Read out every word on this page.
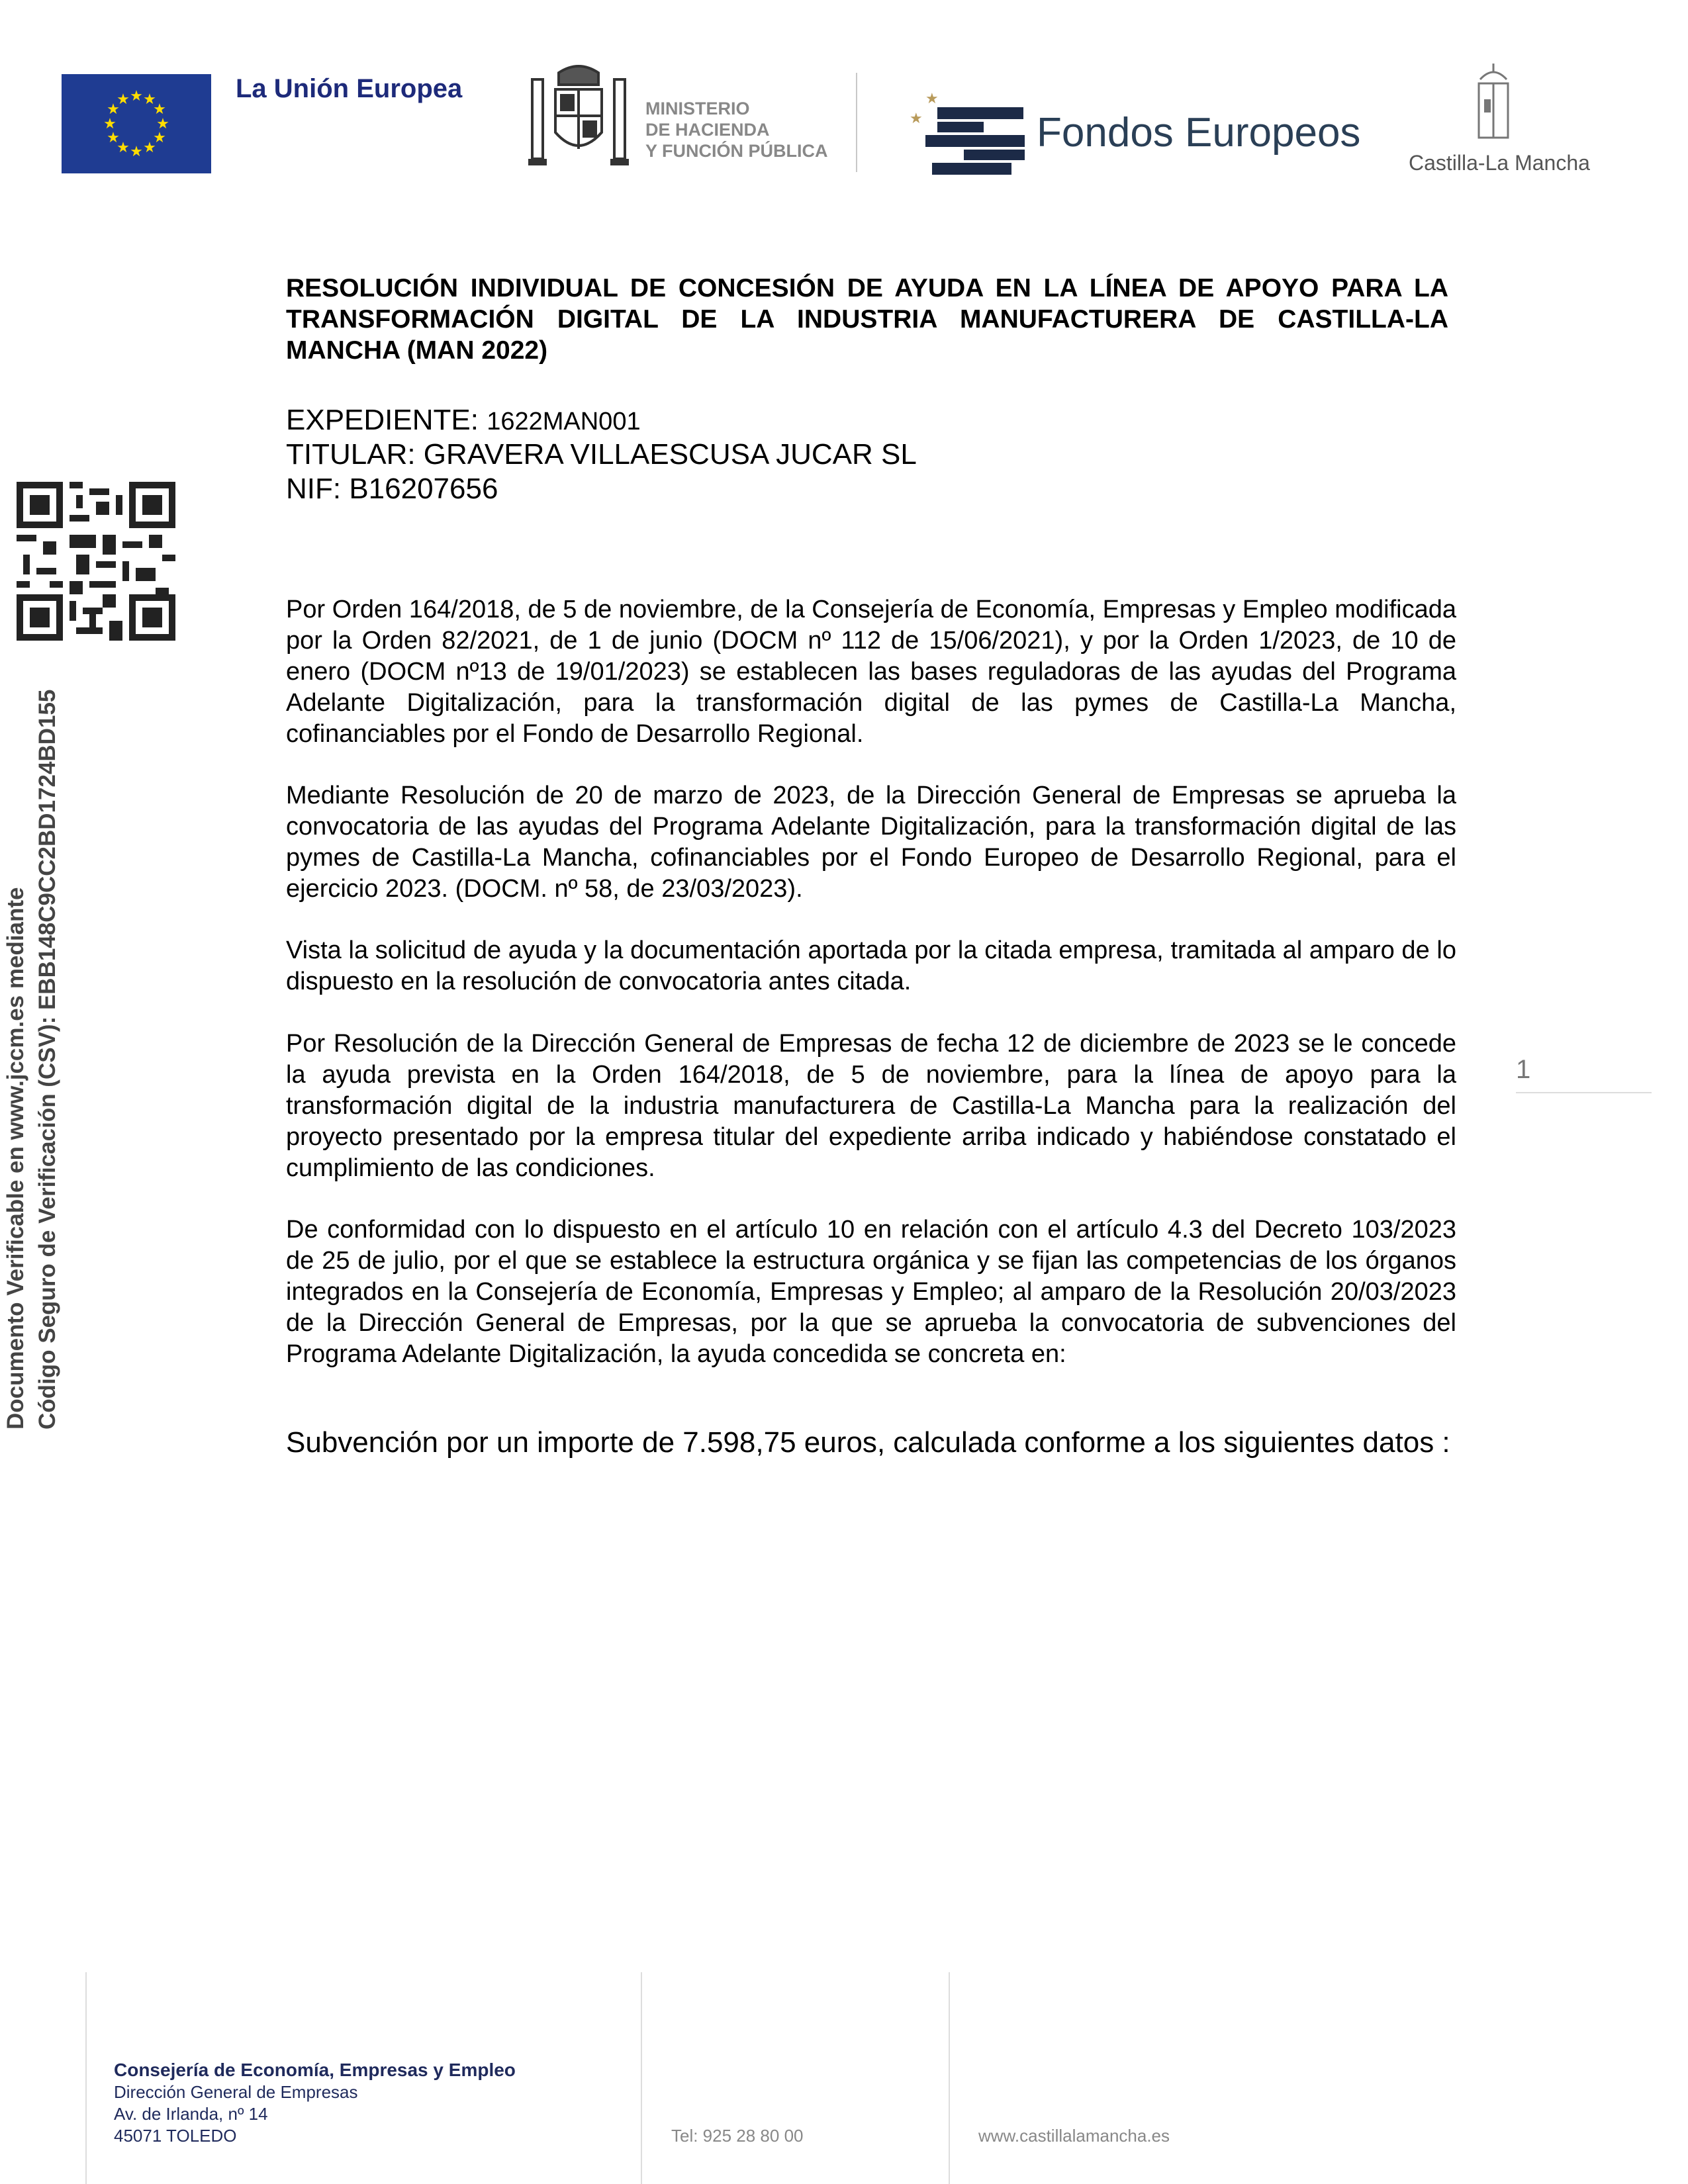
★ ★
★
★
★
★
★
★
★
★
★
★	La Unión Europea
MINISTERIO
DE HACIENDA
Y FUNCIÓN PÚBLICA
★
★
Fondos Europeos
Castilla-La Mancha
Documento Verificable en www.jccm.es mediante Código Seguro de Verificación (CSV): EBB148C9CC2BD1724BD155
RESOLUCIÓN INDIVIDUAL DE CONCESIÓN DE AYUDA EN LA LÍNEA DE APOYO PARA LA TRANSFORMACIÓN DIGITAL DE LA INDUSTRIA MANUFACTURERA DE CASTILLA-LA MANCHA (MAN 2022)
EXPEDIENTE: 1622MAN001
TITULAR: GRAVERA VILLAESCUSA JUCAR SL
NIF: B16207656
Por Orden 164/2018, de 5 de noviembre, de la Consejería de Economía, Empresas y Empleo modificada por la Orden 82/2021, de 1 de junio (DOCM nº 112 de 15/06/2021), y por la Orden 1/2023, de 10 de enero (DOCM nº13 de 19/01/2023) se establecen las bases reguladoras de las ayudas del Programa Adelante Digitalización, para la transformación digital de las pymes de Castilla-La Mancha, cofinanciables por el Fondo de Desarrollo Regional.
Mediante Resolución de 20 de marzo de 2023, de la Dirección General de Empresas se aprueba la convocatoria de las ayudas del Programa Adelante Digitalización, para la transformación digital de las pymes de Castilla-La Mancha, cofinanciables por el Fondo Europeo de Desarrollo Regional, para el ejercicio 2023. (DOCM. nº 58, de 23/03/2023).
Vista la solicitud de ayuda y la documentación aportada por la citada empresa, tramitada al amparo de lo dispuesto en la resolución de convocatoria antes citada.
Por Resolución de la Dirección General de Empresas de fecha 12 de diciembre de 2023 se le concede la ayuda prevista en la Orden 164/2018, de 5 de noviembre, para la línea de apoyo para la transformación digital de la industria manufacturera de Castilla-La Mancha para la realización del proyecto presentado por la empresa titular del expediente arriba indicado y habiéndose constatado el cumplimiento de las condiciones.
De conformidad con lo dispuesto en el artículo 10 en relación con el artículo 4.3 del Decreto 103/2023 de 25 de julio, por el que se establece la estructura orgánica y se fijan las competencias de los órganos integrados en la Consejería de Economía, Empresas y Empleo; al amparo de la Resolución 20/03/2023 de la Dirección General de Empresas, por la que se aprueba la convocatoria de subvenciones del Programa Adelante Digitalización, la ayuda concedida se concreta en:
Subvención por un importe de 7.598,75 euros, calculada conforme a los siguientes datos :
1
Consejería de Economía, Empresas y Empleo
Dirección General de Empresas
Av. de Irlanda, nº 14
45071 TOLEDO	Tel: 925 28 80 00	www.castillalamancha.es
